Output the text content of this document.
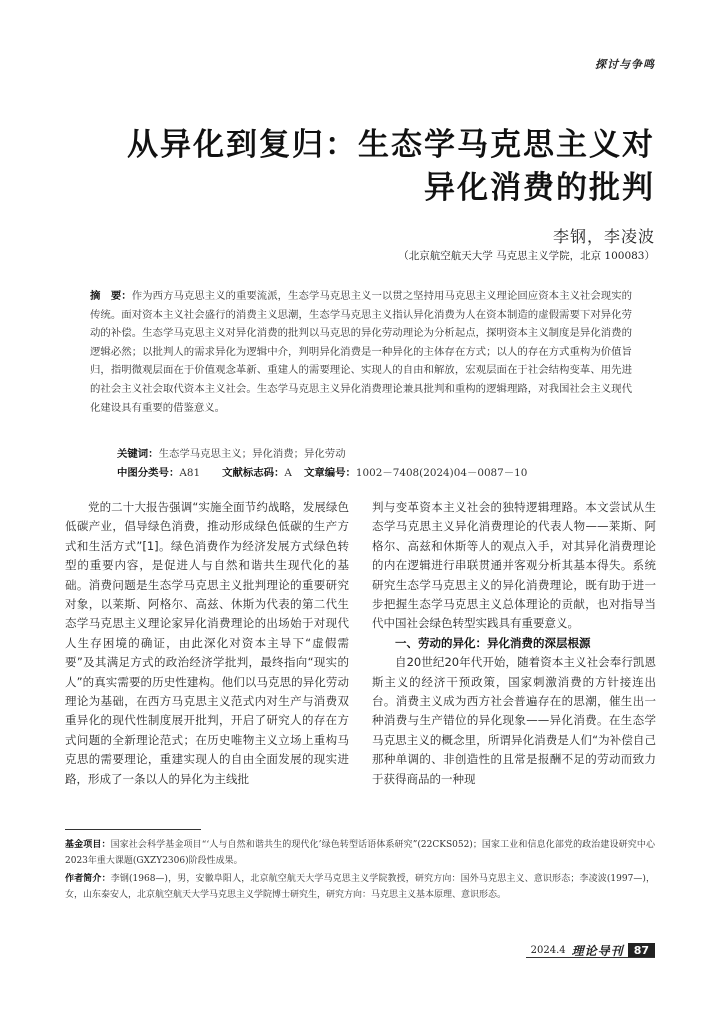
探讨与争鸣
从异化到复归：生态学马克思主义对
异化消费的批判
李钢，李凌波
（北京航空航天大学 马克思主义学院，北京 100083）
摘　要：作为西方马克思主义的重要流派，生态学马克思主义一以贯之坚持用马克思主义理论回应资本主义社会现实的传统。面对资本主义社会盛行的消费主义思潮，生态学马克思主义指认异化消费为人在资本制造的虚假需要下对异化劳动的补偿。生态学马克思主义对异化消费的批判以马克思的异化劳动理论为分析起点，探明资本主义制度是异化消费的逻辑必然；以批判人的需求异化为逻辑中介，判明异化消费是一种异化的主体存在方式；以人的存在方式重构为价值旨归，指明微观层面在于价值观念革新、重建人的需要理论、实现人的自由和解放，宏观层面在于社会结构变革、用先进的社会主义社会取代资本主义社会。生态学马克思主义异化消费理论兼具批判和重构的逻辑理路，对我国社会主义现代化建设具有重要的借鉴意义。
关键词：生态学马克思主义；异化消费；异化劳动
中图分类号：A81 文献标志码：A 文章编号：1002－7408(2024)04－0087－10

党的二十大报告强调“实施全面节约战略，发展绿色低碳产业，倡导绿色消费，推动形成绿色低碳的生产方式和生活方式”[1]。绿色消费作为经济发展方式绿色转型的重要内容，是促进人与自然和谐共生现代化的基础。消费问题是生态学马克思主义批判理论的重要研究对象，以莱斯、阿格尔、高兹、休斯为代表的第二代生态学马克思主义理论家异化消费理论的出场始于对现代人生存困境的确证，由此深化对资本主导下“虚假需要”及其满足方式的政治经济学批判，最终指向“现实的人”的真实需要的历史性建构。他们以马克思的异化劳动理论为基础，在西方马克思主义范式内对生产与消费双重异化的现代性制度展开批判，开启了研究人的存在方式问题的全新理论范式；在历史唯物主义立场上重构马克思的需要理论，重建实现人的自由全面发展的现实进路，形成了一条以人的异化为主线批

判与变革资本主义社会的独特逻辑理路。本文尝试从生态学马克思主义异化消费理论的代表人物——莱斯、阿格尔、高兹和休斯等人的观点入手，对其异化消费理论的内在逻辑进行串联贯通并客观分析其基本得失。系统研究生态学马克思主义的异化消费理论，既有助于进一步把握生态学马克思主义总体理论的贡献，也对指导当代中国社会绿色转型实践具有重要意义。

一、劳动的异化：异化消费的深层根源

自20世纪20年代开始，随着资本主义社会奉行凯恩斯主义的经济干预政策，国家刺激消费的方针接连出台。消费主义成为西方社会普遍存在的思潮，催生出一种消费与生产错位的异化现象——异化消费。在生态学马克思主义的概念里，所谓异化消费是人们“为补偿自己那种单调的、非创造性的且常是报酬不足的劳动而致力于获得商品的一种现

基金项目：国家社会科学基金项目“‘人与自然和谐共生的现代化’绿色转型话语体系研究”(22CKS052)；国家工业和信息化部党的政治建设研究中心2023年重大课题(GXZY2306)阶段性成果。
作者简介：李钢(1968—)，男，安徽阜阳人，北京航空航天大学马克思主义学院教授，研究方向：国外马克思主义、意识形态；李凌波(1997—)，女，山东泰安人，北京航空航天大学马克思主义学院博士研究生，研究方向：马克思主义基本原理、意识形态。
2024.4 理论导刊 87
